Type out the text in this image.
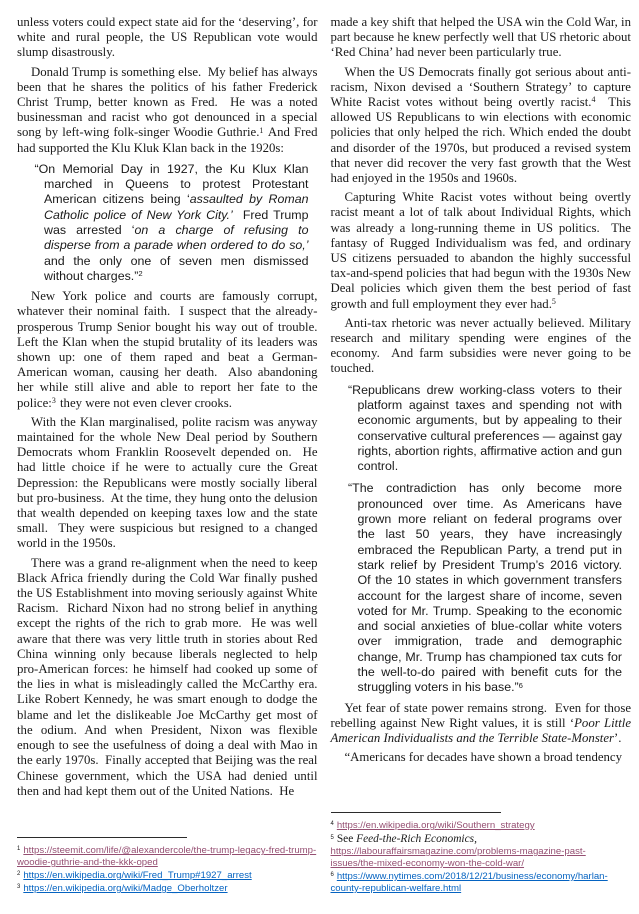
unless voters could expect state aid for the ‘deserving’, for white and rural people, the US Republican vote would slump disastrously.

Donald Trump is something else.  My belief has always been that he shares the politics of his father Frederick Christ Trump, better known as Fred.  He was a noted businessman and racist who got denounced in a special song by left-wing folk-singer Woodie Guthrie.$^1$ And Fred had supported the Klu Kluk Klan back in the 1920s:

“On Memorial Day in 1927, the Ku Klux Klan marched in Queens to protest Protestant American citizens being ‘assaulted by Roman Catholic police of New York City.’  Fred Trump was arrested ‘on a charge of refusing to disperse from a parade when ordered to do so,’ and the only one of seven men dismissed without charges.”$^2$

New York police and courts are famously corrupt, whatever their nominal faith.  I suspect that the already-prosperous Trump Senior bought his way out of trouble.  Left the Klan when the stupid brutality of its leaders was shown up: one of them raped and beat a German-American woman, causing her death.  Also abandoning her while still alive and able to report her fate to the police:$^3$ they were not even clever crooks.

With the Klan marginalised, polite racism was anyway maintained for the whole New Deal period by Southern Democrats whom Franklin Roosevelt depended on.  He had little choice if he were to actually cure the Great Depression: the Republicans were mostly socially liberal but pro-business.  At the time, they hung onto the delusion that wealth depended on keeping taxes low and the state small.  They were suspicious but resigned to a changed world in the 1950s.

There was a grand re-alignment when the need to keep Black Africa friendly during the Cold War finally pushed the US Establishment into moving seriously against White Racism.  Richard Nixon had no strong belief in anything except the rights of the rich to grab more.  He was well aware that there was very little truth in stories about Red China winning only because liberals neglected to help pro-American forces: he himself had cooked up some of the lies in what is misleadingly called the McCarthy era.  Like Robert Kennedy, he was smart enough to dodge the blame and let the dislikeable Joe McCarthy get most of the odium. And when President, Nixon was flexible enough to see the usefulness of doing a deal with Mao in the early 1970s.  Finally accepted that Beijing was the real Chinese government, which the USA had denied until then and had kept them out of the United Nations.  He

$^1$ https://steemit.com/life/@alexandercole/the-trump-legacy-fred-trump-woodie-guthrie-and-the-kkk-oped
$^2$ https://en.wikipedia.org/wiki/Fred_Trump#1927_arrest
$^3$ https://en.wikipedia.org/wiki/Madge_Oberholtzer

made a key shift that helped the USA win the Cold War, in part because he knew perfectly well that US rhetoric about ‘Red China’ had never been particularly true.

When the US Democrats finally got serious about anti-racism, Nixon devised a ‘Southern Strategy’ to capture White Racist votes without being overtly racist.$^4$  This allowed US Republicans to win elections with economic policies that only helped the rich. Which ended the doubt and disorder of the 1970s, but produced a revised system that never did recover the very fast growth that the West had enjoyed in the 1950s and 1960s.

Capturing White Racist votes without being overtly racist meant a lot of talk about Individual Rights, which was already a long-running theme in US politics.  The fantasy of Rugged Individualism was fed, and ordinary US citizens persuaded to abandon the highly successful tax-and-spend policies that had begun with the 1930s New Deal policies which given them the best period of fast growth and full employment they ever had.$^5$

Anti-tax rhetoric was never actually believed. Military research and military spending were engines of the economy.  And farm subsidies were never going to be touched.

“Republicans drew working-class voters to their platform against taxes and spending not with economic arguments, but by appealing to their conservative cultural preferences — against gay rights, abortion rights, affirmative action and gun control.
“The contradiction has only become more pronounced over time. As Americans have grown more reliant on federal programs over the last 50 years, they have increasingly embraced the Republican Party, a trend put in stark relief by President Trump’s 2016 victory. Of the 10 states in which government transfers account for the largest share of income, seven voted for Mr. Trump. Speaking to the economic and social anxieties of blue-collar white voters over immigration, trade and demographic change, Mr. Trump has championed tax cuts for the well-to-do paired with benefit cuts for the struggling voters in his base.”$^6$

Yet fear of state power remains strong.  Even for those rebelling against New Right values, it is still ‘Poor Little American Individualists and the Terrible State-Monster’.

“Americans for decades have shown a broad tendency

$^4$ https://en.wikipedia.org/wiki/Southern_strategy
$^5$ See Feed-the-Rich Economics,
https://labouraffairsmagazine.com/problems-magazine-past-issues/the-mixed-economy-won-the-cold-war/
$^6$ https://www.nytimes.com/2018/12/21/business/economy/harlan-county-republican-welfare.html
